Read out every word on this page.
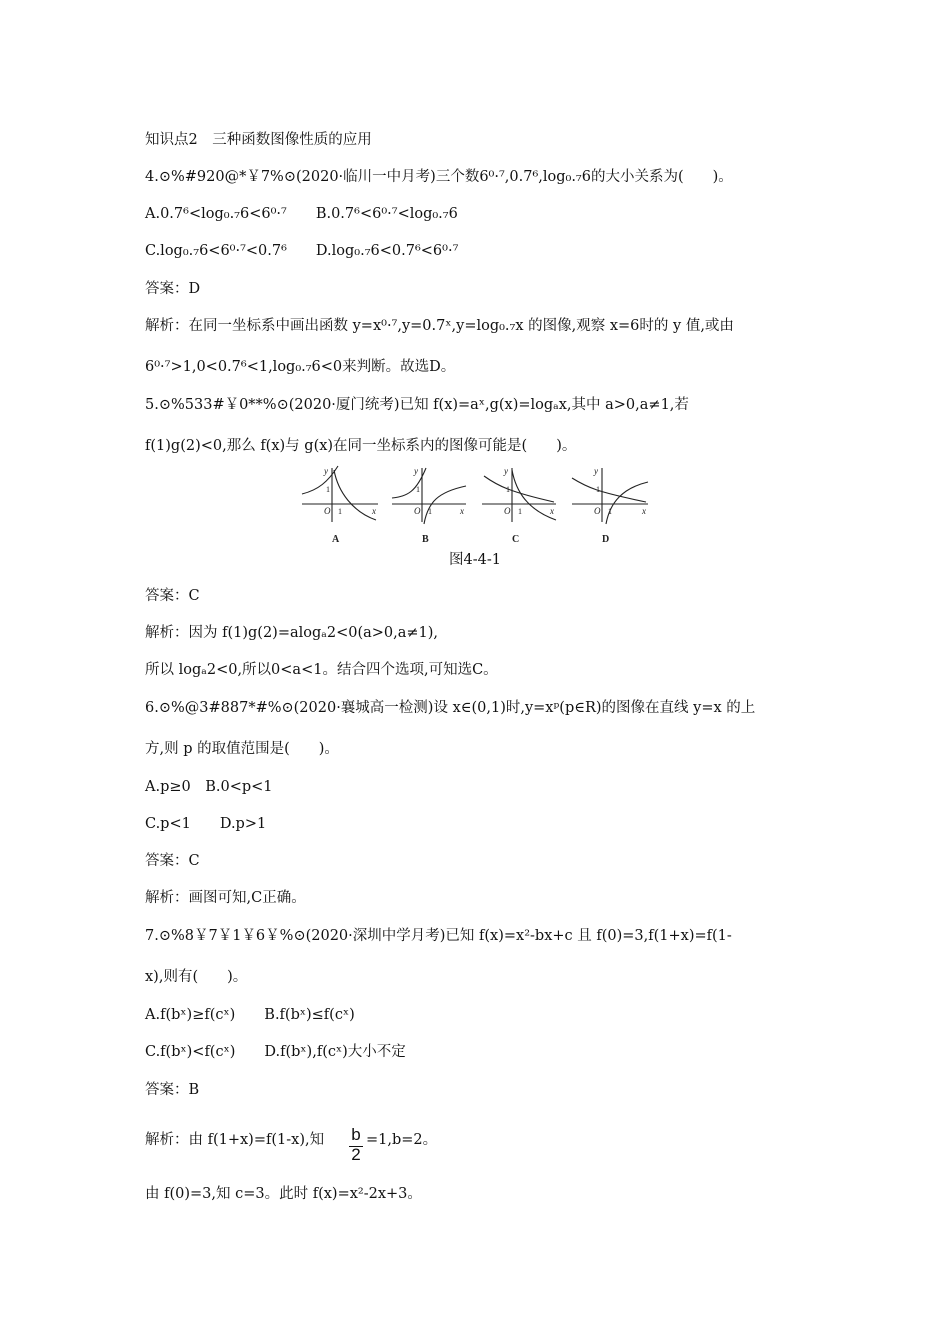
知识点2　三种函数图像性质的应用
4.⊙%#920@*￥7%⊙(2020·临川一中月考)三个数6⁰·⁷,0.7⁶,log₀.₇6的大小关系为(　　)。
A.0.7⁶<log₀.₇6<6⁰·⁷　　B.0.7⁶<6⁰·⁷<log₀.₇6
C.log₀.₇6<6⁰·⁷<0.7⁶　　D.log₀.₇6<0.7⁶<6⁰·⁷
答案：D
解析：在同一坐标系中画出函数 y=x⁰·⁷,y=0.7ˣ,y=log₀.₇x 的图像,观察 x=6时的 y 值,或由
6⁰·⁷>1,0<0.7⁶<1,log₀.₇6<0来判断。故选D。
5.⊙%533#￥0**%⊙(2020·厦门统考)已知 f(x)=aˣ,g(x)=logₐx,其中 a>0,a≠1,若
f(1)g(2)<0,那么 f(x)与 g(x)在同一坐标系内的图像可能是(　　)。
y
x
O
y
x
O
y
x
O
y
x
O
1
1
1
1
1
1
1
1
A	B	C	D
图4-4-1
答案：C
解析：因为 f(1)g(2)=alogₐ2<0(a>0,a≠1),
所以 logₐ2<0,所以0<a<1。结合四个选项,可知选C。
6.⊙%@3#887*#%⊙(2020·襄城高一检测)设 x∈(0,1)时,y=xᵖ(p∈R)的图像在直线 y=x 的上
方,则 p 的取值范围是(　　)。
A.p≥0　B.0<p<1
C.p<1　　D.p>1
答案：C
解析：画图可知,C正确。
7.⊙%8￥7￥1￥6￥%⊙(2020·深圳中学月考)已知 f(x)=x²-bx+c 且 f(0)=3,f(1+x)=f(1-
x),则有(　　)。
A.f(bˣ)≥f(cˣ)　　B.f(bˣ)≤f(cˣ)
C.f(bˣ)<f(cˣ)　　D.f(bˣ),f(cˣ)大小不定
答案：B
解析：由 f(1+x)=f(1-x),知 b
2
=1,b=2。
由 f(0)=3,知 c=3。此时 f(x)=x²-2x+3。
